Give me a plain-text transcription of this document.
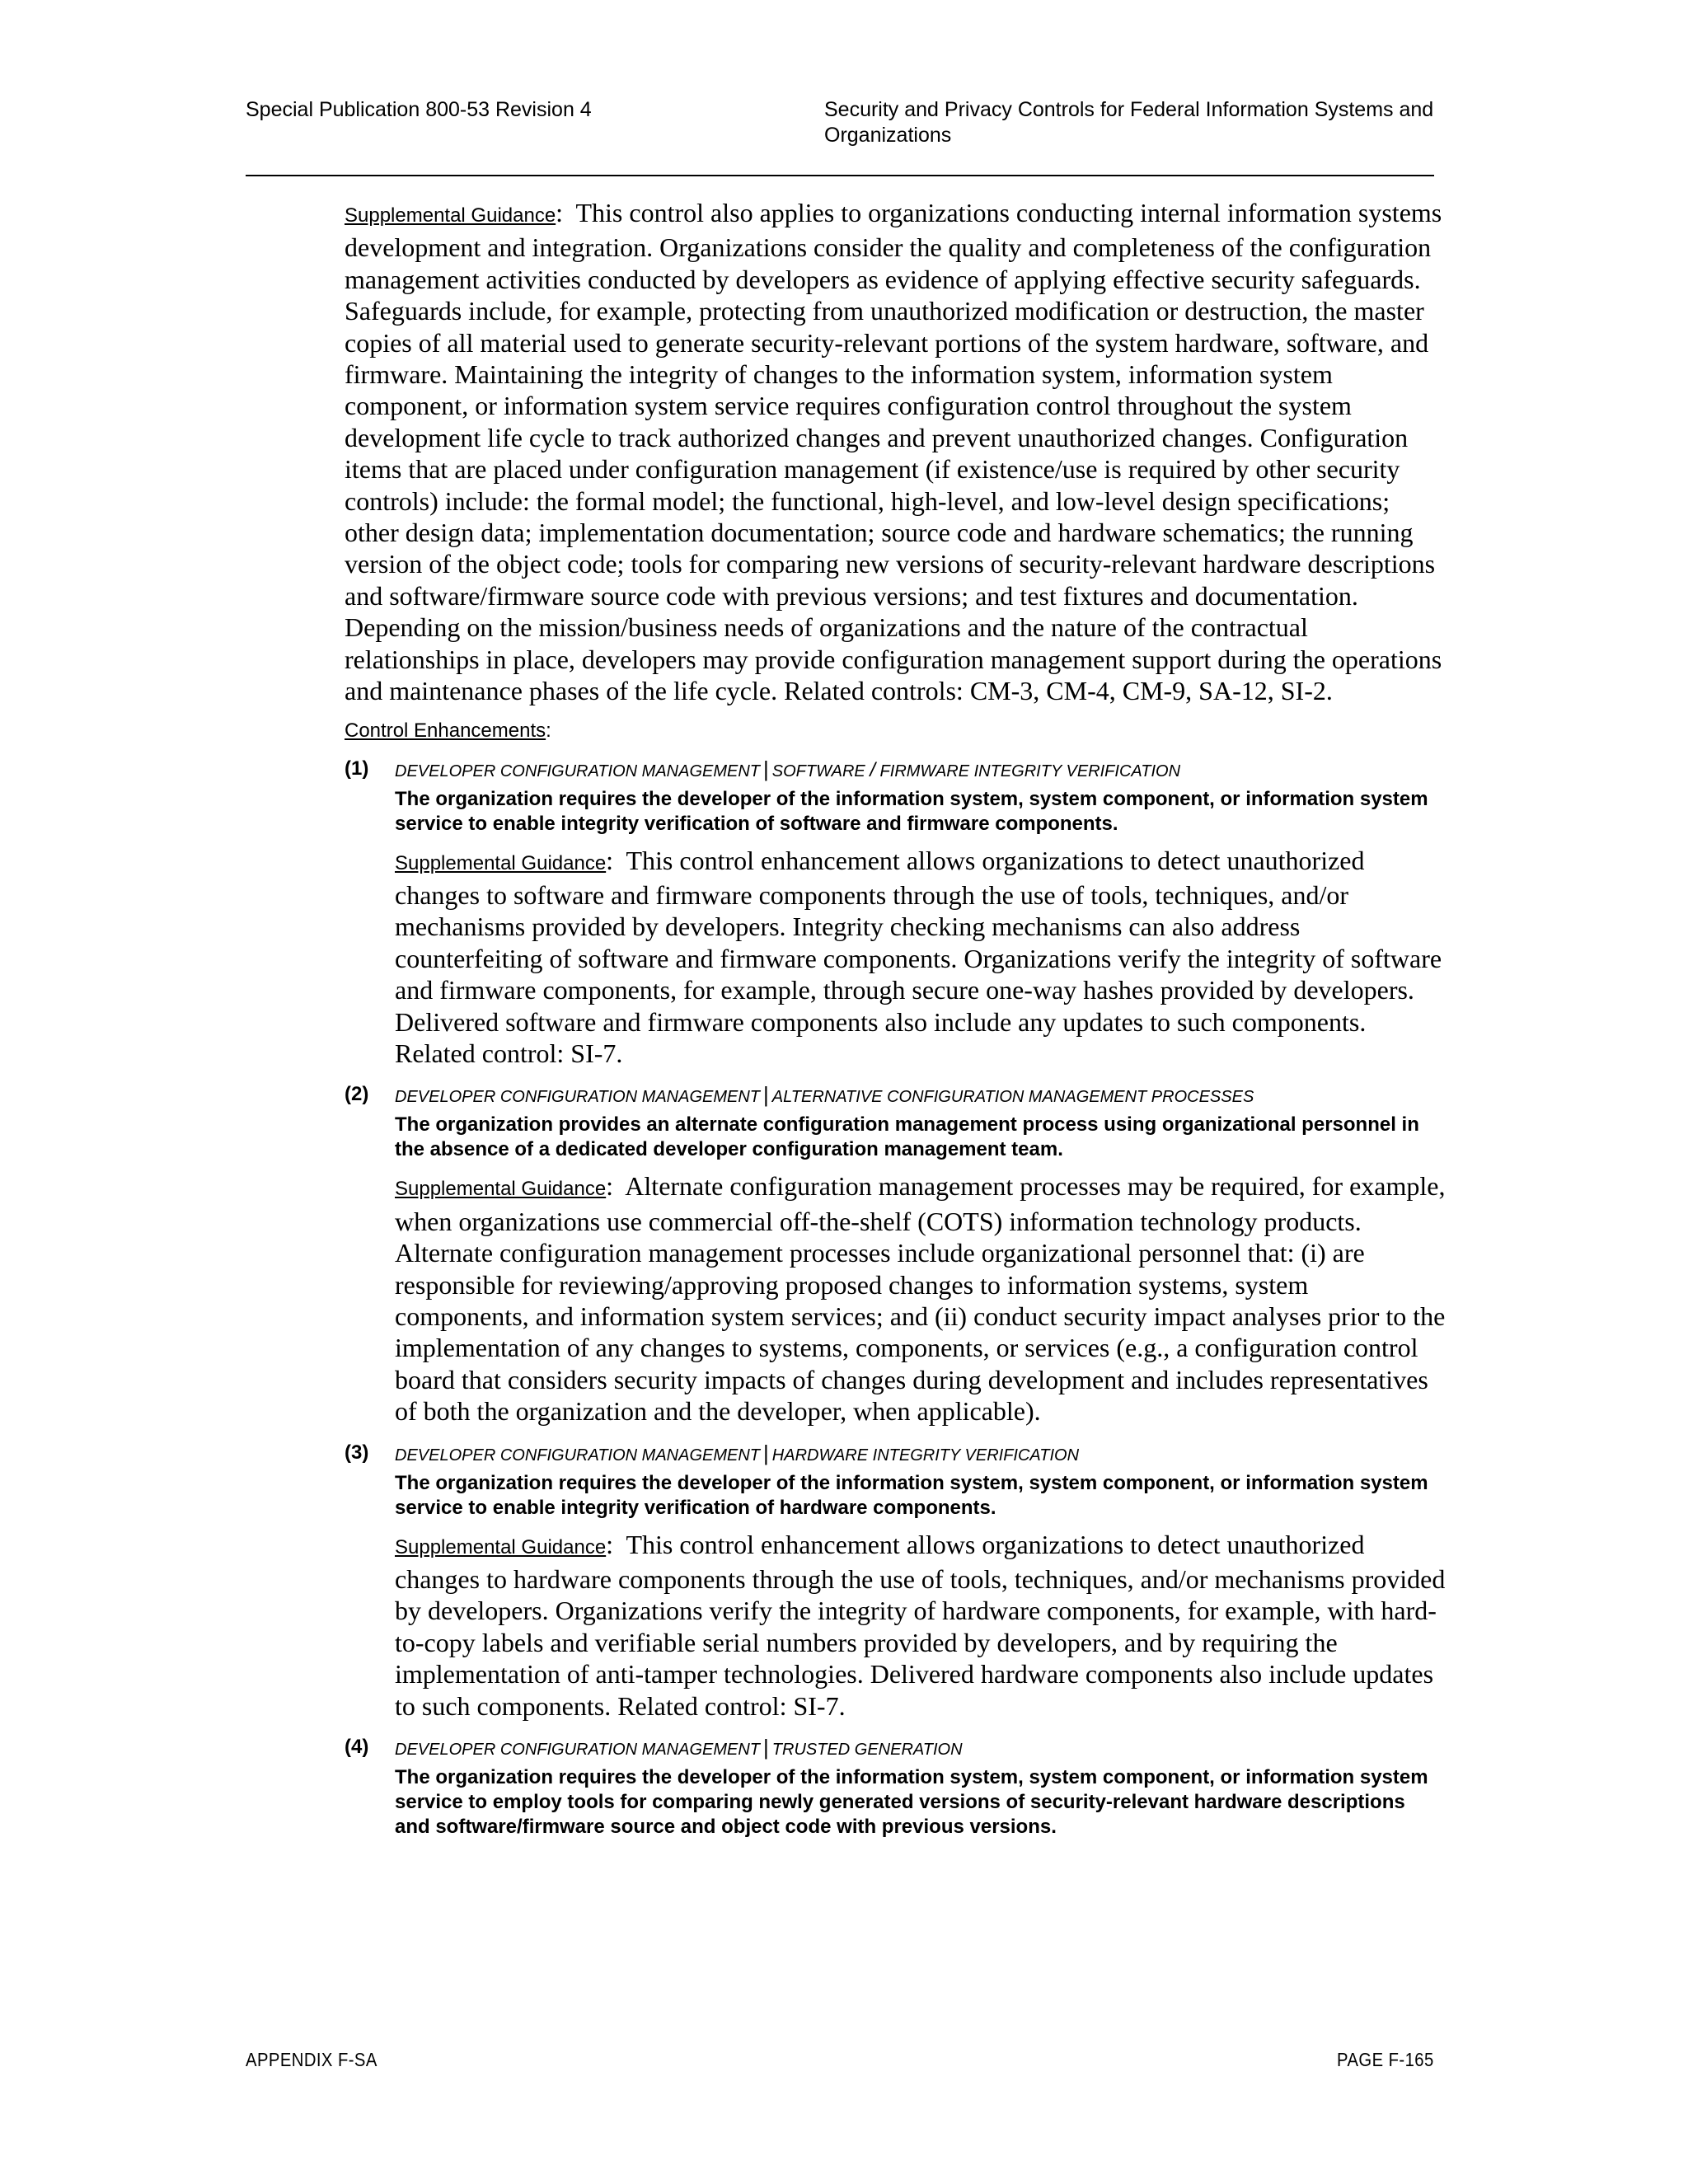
Special Publication 800-53 Revision 4	Security and Privacy Controls for Federal Information Systems and Organizations

Supplemental Guidance:  This control also applies to organizations conducting internal information systems development and integration. Organizations consider the quality and completeness of the configuration management activities conducted by developers as evidence of applying effective security safeguards. Safeguards include, for example, protecting from unauthorized modification or destruction, the master copies of all material used to generate security-relevant portions of the system hardware, software, and firmware. Maintaining the integrity of changes to the information system, information system component, or information system service requires configuration control throughout the system development life cycle to track authorized changes and prevent unauthorized changes. Configuration items that are placed under configuration management (if existence/use is required by other security controls) include: the formal model; the functional, high-level, and low-level design specifications; other design data; implementation documentation; source code and hardware schematics; the running version of the object code; tools for comparing new versions of security-relevant hardware descriptions and software/firmware source code with previous versions; and test fixtures and documentation. Depending on the mission/business needs of organizations and the nature of the contractual relationships in place, developers may provide configuration management support during the operations and maintenance phases of the life cycle. Related controls: CM-3, CM-4, CM-9, SA-12, SI-2.

Control Enhancements:

(1) DEVELOPER CONFIGURATION MANAGEMENT | SOFTWARE / FIRMWARE INTEGRITY VERIFICATION

The organization requires the developer of the information system, system component, or information system service to enable integrity verification of software and firmware components.

Supplemental Guidance:  This control enhancement allows organizations to detect unauthorized changes to software and firmware components through the use of tools, techniques, and/or mechanisms provided by developers. Integrity checking mechanisms can also address counterfeiting of software and firmware components. Organizations verify the integrity of software and firmware components, for example, through secure one-way hashes provided by developers. Delivered software and firmware components also include any updates to such components. Related control: SI-7.

(2) DEVELOPER CONFIGURATION MANAGEMENT | ALTERNATIVE CONFIGURATION MANAGEMENT PROCESSES

The organization provides an alternate configuration management process using organizational personnel in the absence of a dedicated developer configuration management team.

Supplemental Guidance:  Alternate configuration management processes may be required, for example, when organizations use commercial off-the-shelf (COTS) information technology products. Alternate configuration management processes include organizational personnel that: (i) are responsible for reviewing/approving proposed changes to information systems, system components, and information system services; and (ii) conduct security impact analyses prior to the implementation of any changes to systems, components, or services (e.g., a configuration control board that considers security impacts of changes during development and includes representatives of both the organization and the developer, when applicable).

(3) DEVELOPER CONFIGURATION MANAGEMENT | HARDWARE INTEGRITY VERIFICATION

The organization requires the developer of the information system, system component, or information system service to enable integrity verification of hardware components.

Supplemental Guidance:  This control enhancement allows organizations to detect unauthorized changes to hardware components through the use of tools, techniques, and/or mechanisms provided by developers. Organizations verify the integrity of hardware components, for example, with hard-to-copy labels and verifiable serial numbers provided by developers, and by requiring the implementation of anti-tamper technologies. Delivered hardware components also include updates to such components. Related control: SI-7.

(4) DEVELOPER CONFIGURATION MANAGEMENT | TRUSTED GENERATION

The organization requires the developer of the information system, system component, or information system service to employ tools for comparing newly generated versions of security-relevant hardware descriptions and software/firmware source and object code with previous versions.

APPENDIX F-SA	PAGE F-165
